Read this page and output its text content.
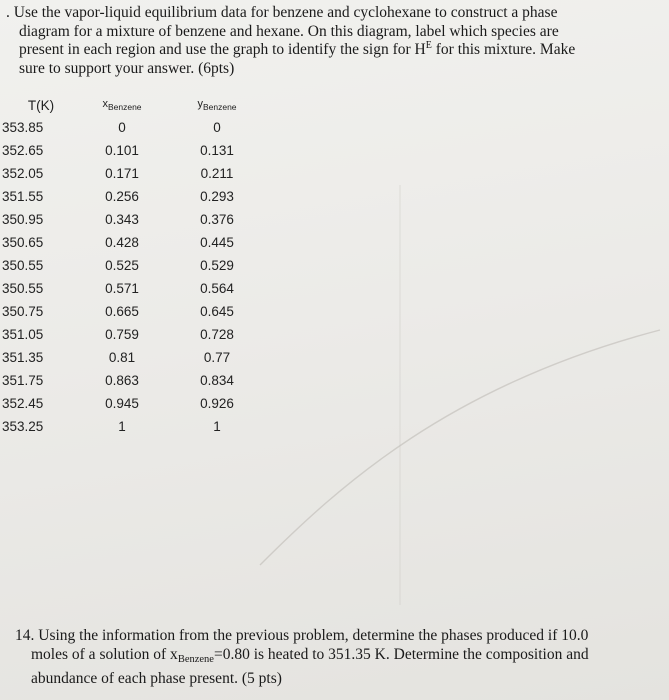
. Use the vapor-liquid equilibrium data for benzene and cyclohexane to construct a phase

diagram for a mixture of benzene and hexane. On this diagram, label which species are

present in each region and use the graph to identify the sign for $H^E$ for this mixture. Make

sure to support your answer. (6pts)

T(K)	$x_{Benzene}$	$y_{Benzene}$
353.85	0	0
352.65	0.101	0.131
352.05	0.171	0.211
351.55	0.256	0.293
350.95	0.343	0.376
350.65	0.428	0.445
350.55	0.525	0.529
350.55	0.571	0.564
350.75	0.665	0.645
351.05	0.759	0.728
351.35	0.81	0.77
351.75	0.863	0.834
352.45	0.945	0.926
353.25	1	1

14. Using the information from the previous problem, determine the phases produced if 10.0

moles of a solution of $x_{Benzene}=0.80$ is heated to 351.35 K. Determine the composition and

abundance of each phase present. (5 pts)
